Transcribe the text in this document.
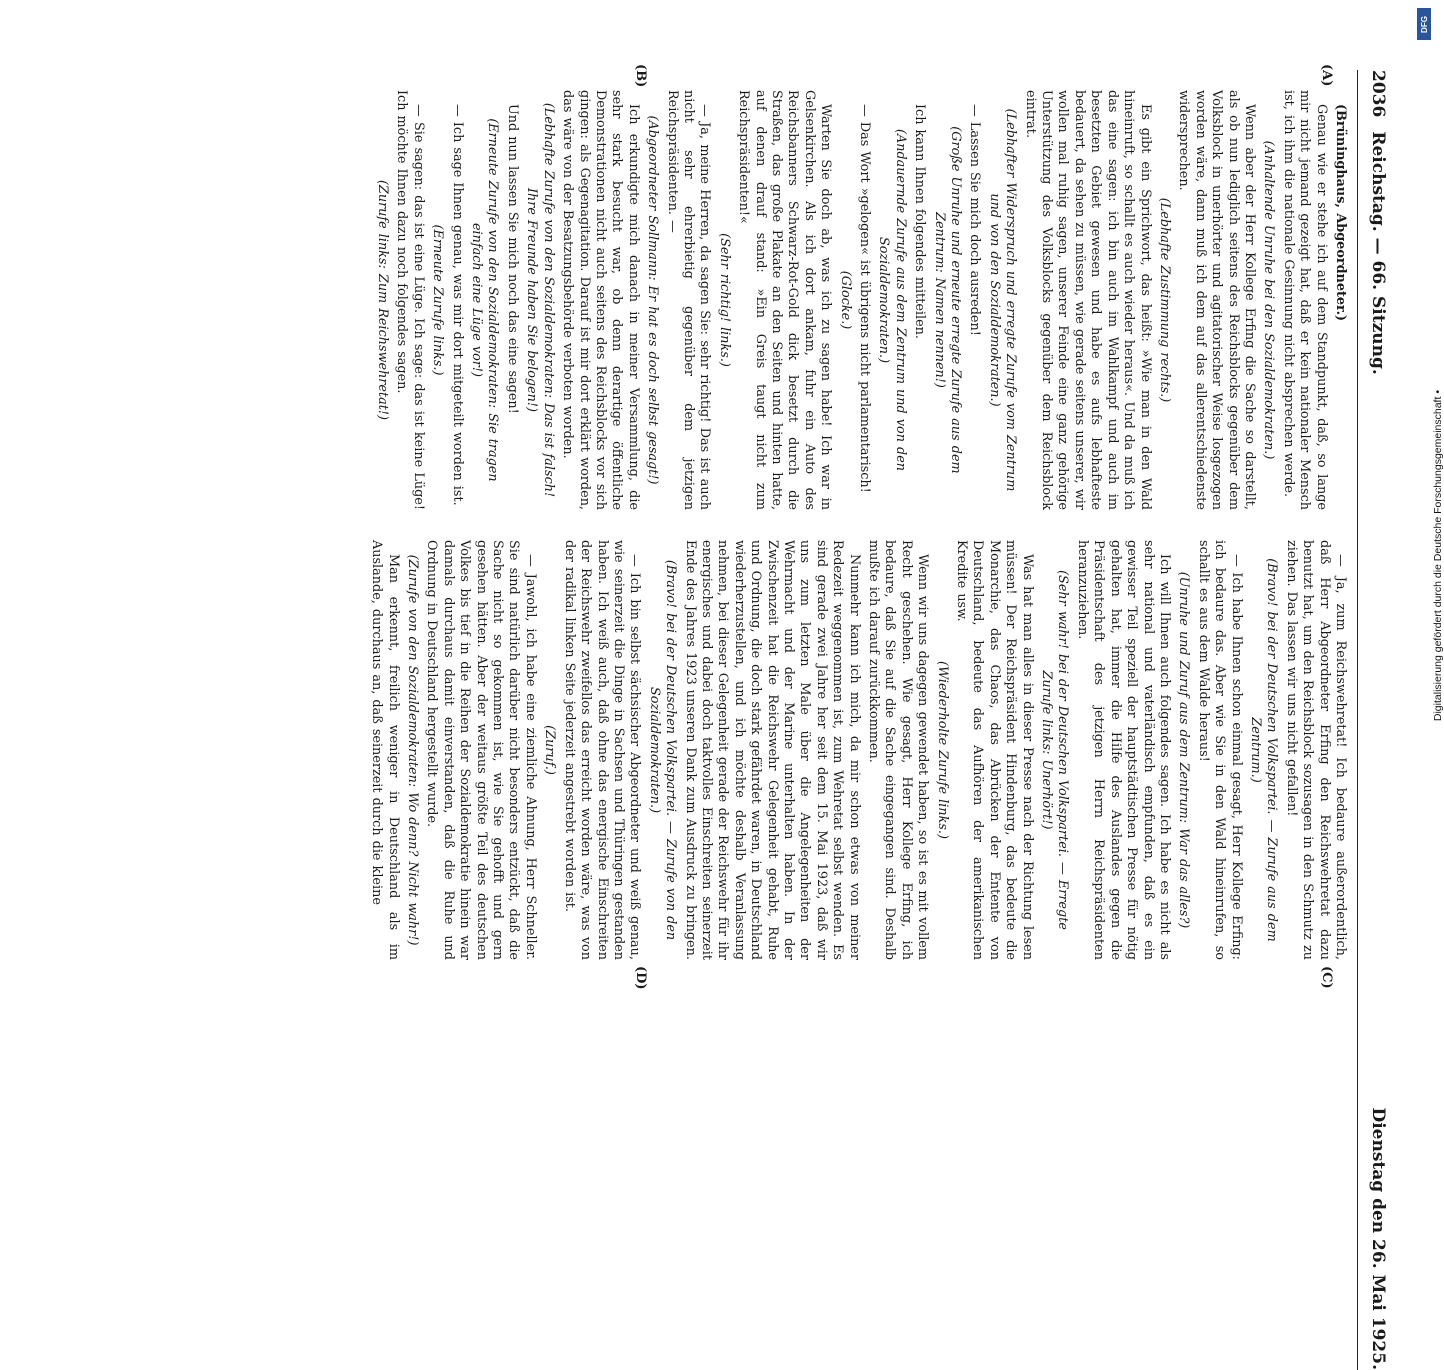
2036
Reichstag. — 66. Sitzung.
Dienstag den 26. Mai 1925.
(A)
(B)

(Brüninghaus, Abgeordneter.)

Genau wie er stehe ich auf dem Standpunkt, daß, so lange mir nicht jemand gezeigt hat, daß er kein nationaler Mensch ist, ich ihm die nationale Gesinnung nicht absprechen werde.

(Anhaltende Unruhe bei den Sozialdemokraten.)

Wenn aber der Herr Kollege Erfing die Sache so darstellt, als ob nun lediglich seitens des Reichsblocks gegenüber dem Volksblock in unerhörter und agitatorischer Weise losgezogen worden wäre, dann muß ich dem auf das allerentschiedenste widersprechen.

(Lebhafte Zustimmung rechts.)

Es gibt ein Sprichwort, das heißt: »Wie man in den Wald hineinruft, so schallt es auch wieder heraus«. Und da muß ich das eine sagen: ich bin auch im Wahlkampf und auch im besetzten Gebiet gewesen und habe es aufs lebhafteste bedauert, da sehen zu müssen, wie gerade seitens unserer, wir wollen mal ruhig sagen, unserer Feinde eine ganz gehörige Unterstützung des Volksblocks gegenüber dem Reichsblock eintrat.

(Lebhafter Widerspruch und erregte Zurufe vom Zentrum und von den Sozialdemokraten.)

— Lassen Sie mich doch ausreden!

(Große Unruhe und erneute erregte Zurufe aus dem Zentrum: Namen nennen!)

Ich kann Ihnen folgendes mitteilen.

(Andauernde Zurufe aus dem Zentrum und von den Sozialdemokraten.)

— Das Wort »gelogen« ist übrigens nicht parlamentarisch!

(Glocke.)

Warten Sie doch ab, was ich zu sagen habe! Ich war in Gelsenkirchen. Als ich dort ankam, fuhr ein Auto des Reichsbanners Schwarz-Rot-Gold dick besetzt durch die Straßen, das große Plakate an den Seiten und hinten hatte, auf denen drauf stand: »Ein Greis taugt nicht zum Reichspräsidenten!«

(Sehr richtig! links.)

— Ja, meine Herren, da sagen Sie: sehr richtig! Das ist auch nicht sehr ehrerbietig gegenüber dem jetzigen Reichspräsidenten. —

(Abgeordneter Sollmann: Er hat es doch selbst gesagt!)

Ich erkundigte mich danach in meiner Versammlung, die sehr stark besucht war, ob denn derartige öffentliche Demonstrationen nicht auch seitens des Reichsblocks vor sich gingen: als Gegenagitation. Darauf ist mir dort erklärt worden, das wäre von der Besatzungsbehörde verboten worden.

(Lebhafte Zurufe von den Sozialdemokraten: Das ist falsch! Ihre Freunde haben Sie belogen!)

Und nun lassen Sie mich noch das eine sagen!

(Erneute Zurufe von den Sozialdemokraten: Sie tragen einfach eine Lüge vor!)

— Ich sage Ihnen genau, was mir dort mitgeteilt worden ist.

(Erneute Zurufe links.)

— Sie sagen: das ist eine Lüge. Ich sage: das ist keine Lüge! Ich möchte Ihnen dazu noch folgendes sagen.

(Zurufe links: Zum Reichswehretat!)

(C)
(D)

— Ja, zum Reichswehretat! Ich bedaure außerordentlich, daß Herr Abgeordneter Erfing den Reichswehretat dazu benutzt hat, um den Reichsblock sozusagen in den Schmutz zu ziehen. Das lassen wir uns nicht gefallen!

(Bravo! bei der Deutschen Volkspartei. — Zurufe aus dem Zentrum.)

— Ich habe Ihnen schon einmal gesagt, Herr Kollege Erfing: ich bedaure das. Aber wie Sie in den Wald hineinrufen, so schallt es aus dem Walde heraus!

(Unruhe und Zuruf aus dem Zentrum: War das alles?)

Ich will Ihnen auch folgendes sagen. Ich habe es nicht als sehr national und vaterländisch empfunden, daß es ein gewisser Teil speziell der hauptstädtischen Presse für nötig gehalten hat, immer die Hilfe des Auslandes gegen die Präsidentschaft des jetzigen Herrn Reichspräsidenten heranzuziehen.

(Sehr wahr! bei der Deutschen Volkspartei. — Erregte Zurufe links: Unerhört!)

Was hat man alles in dieser Presse nach der Richtung lesen müssen! Der Reichspräsident Hindenburg, das bedeute die Monarchie, das Chaos, das Abrücken der Entente von Deutschland, bedeute das Aufhören der amerikanischen Kredite usw.

(Wiederholte Zurufe links.)

Wenn wir uns dagegen gewendet haben, so ist es mit vollem Recht geschehen. Wie gesagt, Herr Kollege Erfing, ich bedaure, daß Sie auf die Sache eingegangen sind. Deshalb mußte ich darauf zurückkommen.

Nunmehr kann ich mich, da mir schon etwas von meiner Redezeit weggenommen ist, zum Wehretat selbst wenden. Es sind gerade zwei Jahre her seit dem 15. Mai 1923, daß wir uns zum letzten Male über die Angelegenheiten der Wehrmacht und der Marine unterhalten haben. In der Zwischenzeit hat die Reichswehr Gelegenheit gehabt, Ruhe und Ordnung, die doch stark gefährdet waren, in Deutschland wiederherzustellen, und ich möchte deshalb Veranlassung nehmen, bei dieser Gelegenheit gerade der Reichswehr für ihr energisches und dabei doch taktvolles Einschreiten seinerzeit Ende des Jahres 1923 unseren Dank zum Ausdruck zu bringen.

(Bravo! bei der Deutschen Volkspartei. — Zurufe von den Sozialdemokraten.)

— Ich bin selbst sächsischer Abgeordneter und weiß genau, wie seinerzeit die Dinge in Sachsen und Thüringen gestanden haben. Ich weiß auch, daß ohne das energische Einschreiten der Reichswehr zweifellos das erreicht worden wäre, was von der radikal linken Seite jederzeit angestrebt worden ist.

(Zuruf.)

— Jawohl, ich habe eine ziemliche Ahnung, Herr Schneller. Sie sind natürlich darüber nicht besonders entzückt, daß die Sache nicht so gekommen ist, wie Sie gehofft und gern gesehen hätten. Aber der weitaus größte Teil des deutschen Volkes bis tief in die Reihen der Sozialdemokratie hinein war damals durchaus damit einverstanden, daß die Ruhe und Ordnung in Deutschland hergestellt wurde.

(Zurufe von den Sozialdemokraten: Wo denn? Nicht wahr!)

Man erkennt, freilich weniger in Deutschland als im Auslande, durchaus an, daß seinerzeit durch die kleine

DFG
Digitalisierung gefördert durch die Deutsche Forschungsgemeinschaft •
